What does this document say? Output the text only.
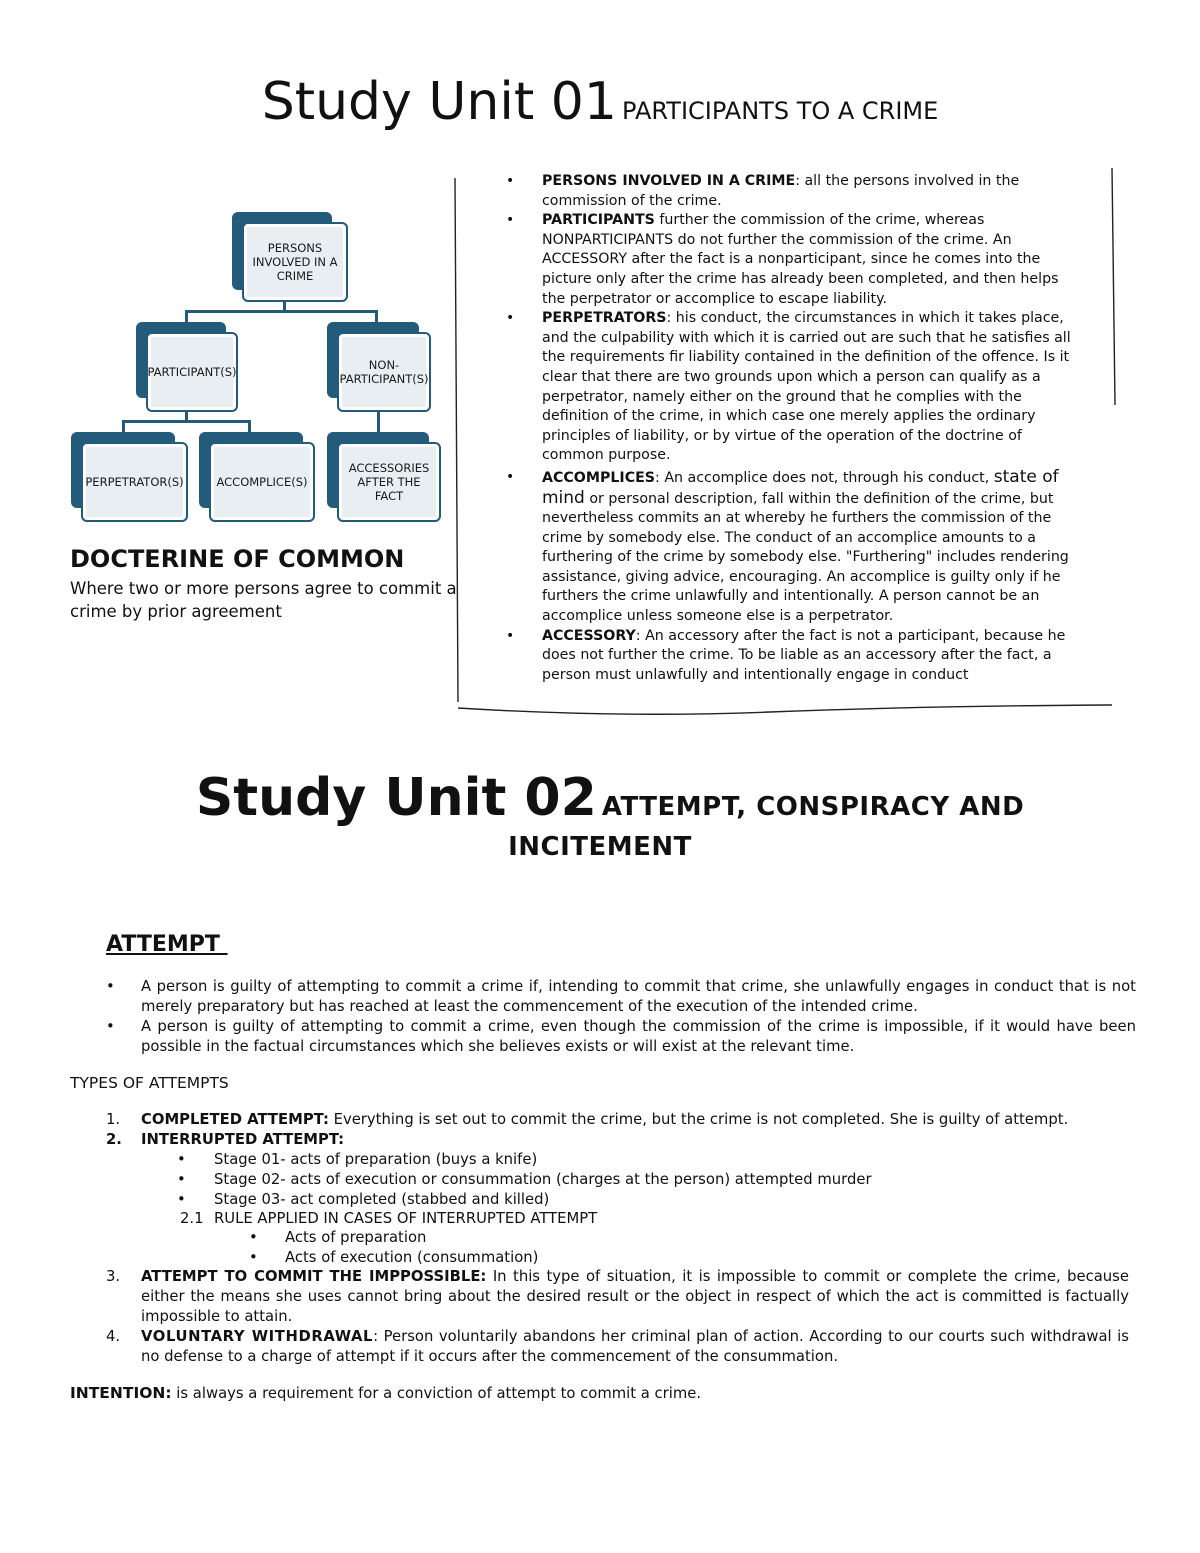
Study Unit 01 PARTICIPANTS TO A CRIME
PERSONS INVOLVED IN A CRIME
PARTICIPANT(S)	NON-PARTICIPANT(S)
PERPETRATOR(S)	ACCOMPLICE(S)
ACCESSORIES AFTER THE FACT
DOCTERINE OF COMMON
Where two or more persons agree to commit a crime by prior agreement
• PERSONS INVOLVED IN A CRIME: all the persons involved in the commission of the crime.
• PARTICIPANTS further the commission of the crime, whereas NONPARTICIPANTS do not further the commission of the crime. An ACCESSORY after the fact is a nonparticipant, since he comes into the picture only after the crime has already been completed, and then helps the perpetrator or accomplice to escape liability.
• PERPETRATORS: his conduct, the circumstances in which it takes place, and the culpability with which it is carried out are such that he satisfies all the requirements fir liability contained in the definition of the offence. Is it clear that there are two grounds upon which a person can qualify as a perpetrator, namely either on the ground that he complies with the definition of the crime, in which case one merely applies the ordinary principles of liability, or by virtue of the operation of the doctrine of common purpose.
• ACCOMPLICES: An accomplice does not, through his conduct, state of mind or personal description, fall within the definition of the crime, but nevertheless commits an at whereby he furthers the commission of the crime by somebody else. The conduct of an accomplice amounts to a furthering of the crime by somebody else. "Furthering" includes rendering assistance, giving advice, encouraging. An accomplice is guilty only if he furthers the crime unlawfully and intentionally. A person cannot be an accomplice unless someone else is a perpetrator.
• ACCESSORY: An accessory after the fact is not a participant, because he does not further the crime. To be liable as an accessory after the fact, a person must unlawfully and intentionally engage in conduct
Study Unit 02 ATTEMPT, CONSPIRACY AND
INCITEMENT
ATTEMPT
• A person is guilty of attempting to commit a crime if, intending to commit that crime, she unlawfully engages in conduct that is not merely preparatory but has reached at least the commencement of the execution of the intended crime.
• A person is guilty of attempting to commit a crime, even though the commission of the crime is impossible, if it would have been possible in the factual circumstances which she believes exists or will exist at the relevant time.
TYPES OF ATTEMPTS
1. COMPLETED ATTEMPT: Everything is set out to commit the crime, but the crime is not completed. She is guilty of attempt.
2. INTERRUPTED ATTEMPT:
• Stage 01- acts of preparation (buys a knife)
• Stage 02- acts of execution or consummation (charges at the person) attempted murder
• Stage 03- act completed (stabbed and killed)
2.1 RULE APPLIED IN CASES OF INTERRUPTED ATTEMPT
• Acts of preparation
• Acts of execution (consummation)
3. ATTEMPT TO COMMIT THE IMPPOSSIBLE: In this type of situation, it is impossible to commit or complete the crime, because either the means she uses cannot bring about the desired result or the object in respect of which the act is committed is factually impossible to attain.
4. VOLUNTARY WITHDRAWAL: Person voluntarily abandons her criminal plan of action. According to our courts such withdrawal is no defense to a charge of attempt if it occurs after the commencement of the consummation.
INTENTION: is always a requirement for a conviction of attempt to commit a crime.
